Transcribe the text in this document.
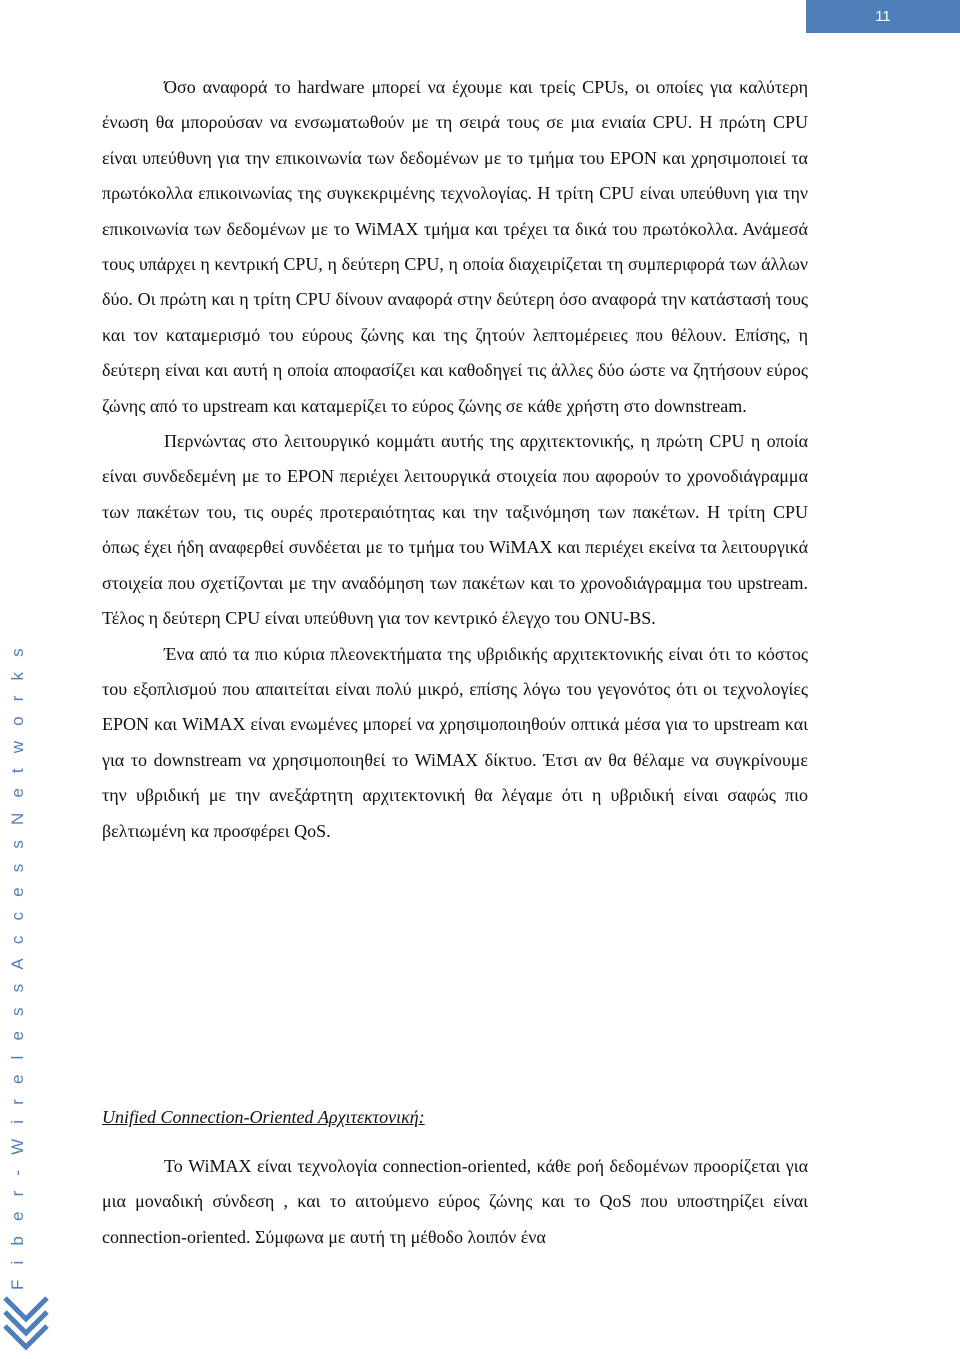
11
F i b e r - W i r e l e s s A c c e s s N e t w o r k s

Όσο αναφορά το hardware μπορεί να έχουμε και τρείς CPUs, οι οποίες για καλύτερη ένωση θα μπορούσαν να ενσωματωθούν με τη σειρά τους σε μια ενιαία CPU. Η πρώτη CPU είναι υπεύθυνη για την επικοινωνία των δεδομένων με το τμήμα του EPON και χρησιμοποιεί τα πρωτόκολλα επικοινωνίας της συγκεκριμένης τεχνολογίας. Η τρίτη CPU είναι υπεύθυνη για την επικοινωνία των δεδομένων με το WiMAX τμήμα και τρέχει τα δικά του πρωτόκολλα. Ανάμεσά τους υπάρχει η κεντρική CPU, η δεύτερη CPU, η οποία διαχειρίζεται τη συμπεριφορά των άλλων δύο. Οι πρώτη και η τρίτη CPU δίνουν αναφορά στην δεύτερη όσο αναφορά την κατάστασή τους και τον καταμερισμό του εύρους ζώνης και της ζητούν λεπτομέρειες που θέλουν. Επίσης, η δεύτερη είναι και αυτή η οποία αποφασίζει και καθοδηγεί τις άλλες δύο ώστε να ζητήσουν εύρος ζώνης από το upstream και καταμερίζει το εύρος ζώνης σε κάθε χρήστη στο downstream.

Περνώντας στο λειτουργικό κομμάτι αυτής της αρχιτεκτονικής, η πρώτη CPU η οποία είναι συνδεδεμένη με το EPON περιέχει λειτουργικά στοιχεία που αφορούν το χρονοδιάγραμμα των πακέτων του, τις ουρές προτεραιότητας και την ταξινόμηση των πακέτων. Η τρίτη CPU όπως έχει ήδη αναφερθεί συνδέεται με το τμήμα του WiMAX και περιέχει εκείνα τα λειτουργικά στοιχεία που σχετίζονται με την αναδόμηση των πακέτων και το χρονοδιάγραμμα του upstream. Τέλος η δεύτερη CPU είναι υπεύθυνη για τον κεντρικό έλεγχο του ONU-BS.

Ένα από τα πιο κύρια πλεονεκτήματα της υβριδικής αρχιτεκτονικής είναι ότι το κόστος του εξοπλισμού που απαιτείται είναι πολύ μικρό, επίσης λόγω του γεγονότος ότι οι τεχνολογίες EPON και WiMAX είναι ενωμένες μπορεί να χρησιμοποιηθούν οπτικά μέσα για το upstream και για το downstream να χρησιμοποιηθεί το WiMAX δίκτυο. Έτσι αν θα θέλαμε να συγκρίνουμε την υβριδική με την ανεξάρτητη αρχιτεκτονική θα λέγαμε ότι η υβριδική είναι σαφώς πιο βελτιωμένη κα προσφέρει QoS.

Unified Connection-Oriented Αρχιτεκτονική:

Το WiMAX είναι τεχνολογία connection-oriented, κάθε ροή δεδομένων προορίζεται για μια μοναδική σύνδεση , και το αιτούμενο εύρος ζώνης και το QoS που υποστηρίζει είναι connection-oriented. Σύμφωνα με αυτή τη μέθοδο λοιπόν ένα
